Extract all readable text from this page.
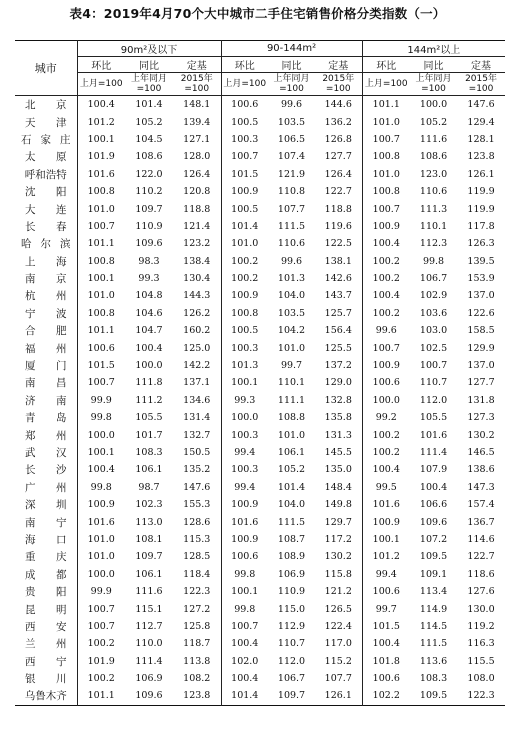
表4：2019年4月70个大中城市二手住宅销售价格分类指数（一）
城市	90m²及以下			90-144m²			144m²以上		
	环比	同比	定基	环比	同比	定基	环比	同比	定基
	上月=100	上年同月=100	2015年=100	上月=100	上年同月=100	2015年=100	上月=100	上年同月=100	2015年=100

北 京	100.4	101.4	148.1	100.6	99.6	144.6	101.1	100.0	147.6

天 津	101.2	105.2	139.4	100.5	103.5	136.2	101.0	105.2	129.4

石 家 庄	100.1	104.5	127.1	100.3	106.5	126.8	100.7	111.6	128.1

太 原	101.9	108.6	128.0	100.7	107.4	127.7	100.8	108.6	123.8

呼和浩特	101.6	122.0	126.4	101.5	121.9	126.4	101.0	123.0	126.1

沈 阳	100.8	110.2	120.8	100.9	110.8	122.7	100.8	110.6	119.9

大 连	101.0	109.7	118.8	100.5	107.7	118.8	100.7	111.3	119.9

长 春	100.7	110.9	121.4	101.4	111.5	119.6	100.9	110.1	117.8

哈 尔 滨	101.1	109.6	123.2	101.0	110.6	122.5	100.4	112.3	126.3

上 海	100.8	98.3	138.4	100.2	99.6	138.1	100.2	99.8	139.5

南 京	100.1	99.3	130.4	100.2	101.3	142.6	100.2	106.7	153.9

杭 州	101.0	104.8	144.3	100.9	104.0	143.7	100.4	102.9	137.0

宁 波	100.8	104.6	126.2	100.8	103.5	125.7	100.2	103.6	122.6

合 肥	101.1	104.7	160.2	100.5	104.2	156.4	99.6	103.0	158.5

福 州	100.6	100.4	125.0	100.3	101.0	125.5	100.7	102.5	129.9

厦 门	101.5	100.0	142.2	101.3	99.7	137.2	100.9	100.7	137.0

南 昌	100.7	111.8	137.1	100.1	110.1	129.0	100.6	110.7	127.7

济 南	99.9	111.2	134.6	99.3	111.1	132.8	100.0	112.0	131.8

青 岛	99.8	105.5	131.4	100.0	108.8	135.8	99.2	105.5	127.3

郑 州	100.0	101.7	132.7	100.3	101.0	131.3	100.2	101.6	130.2

武 汉	100.1	108.3	150.5	99.4	106.1	145.5	100.2	111.4	146.5

长 沙	100.4	106.1	135.2	100.3	105.2	135.0	100.4	107.9	138.6

广 州	99.8	98.7	147.6	99.4	101.4	148.4	99.5	100.4	147.3

深 圳	100.9	102.3	155.3	100.9	104.0	149.8	101.6	106.6	157.4

南 宁	101.6	113.0	128.6	101.6	111.5	129.7	100.9	109.6	136.7

海 口	101.0	108.1	115.3	100.9	108.7	117.2	100.1	107.2	114.6

重 庆	101.0	109.7	128.5	100.6	108.9	130.2	101.2	109.5	122.7

成 都	100.0	106.1	118.4	99.8	106.9	115.8	99.4	109.1	118.6

贵 阳	99.9	111.6	122.3	100.1	110.9	121.2	100.6	113.4	127.6

昆 明	100.7	115.1	127.2	99.8	115.0	126.5	99.7	114.9	130.0

西 安	100.7	112.7	125.8	100.7	112.9	122.4	101.5	114.5	119.2

兰 州	100.2	110.0	118.7	100.4	110.7	117.0	100.4	111.5	116.3

西 宁	101.9	111.4	113.8	102.0	112.0	115.2	101.8	113.6	115.5

银 川	100.2	106.9	108.2	100.4	106.7	107.7	100.6	108.3	108.0

乌鲁木齐	101.1	109.6	123.8	101.4	109.7	126.1	102.2	109.5	122.3
